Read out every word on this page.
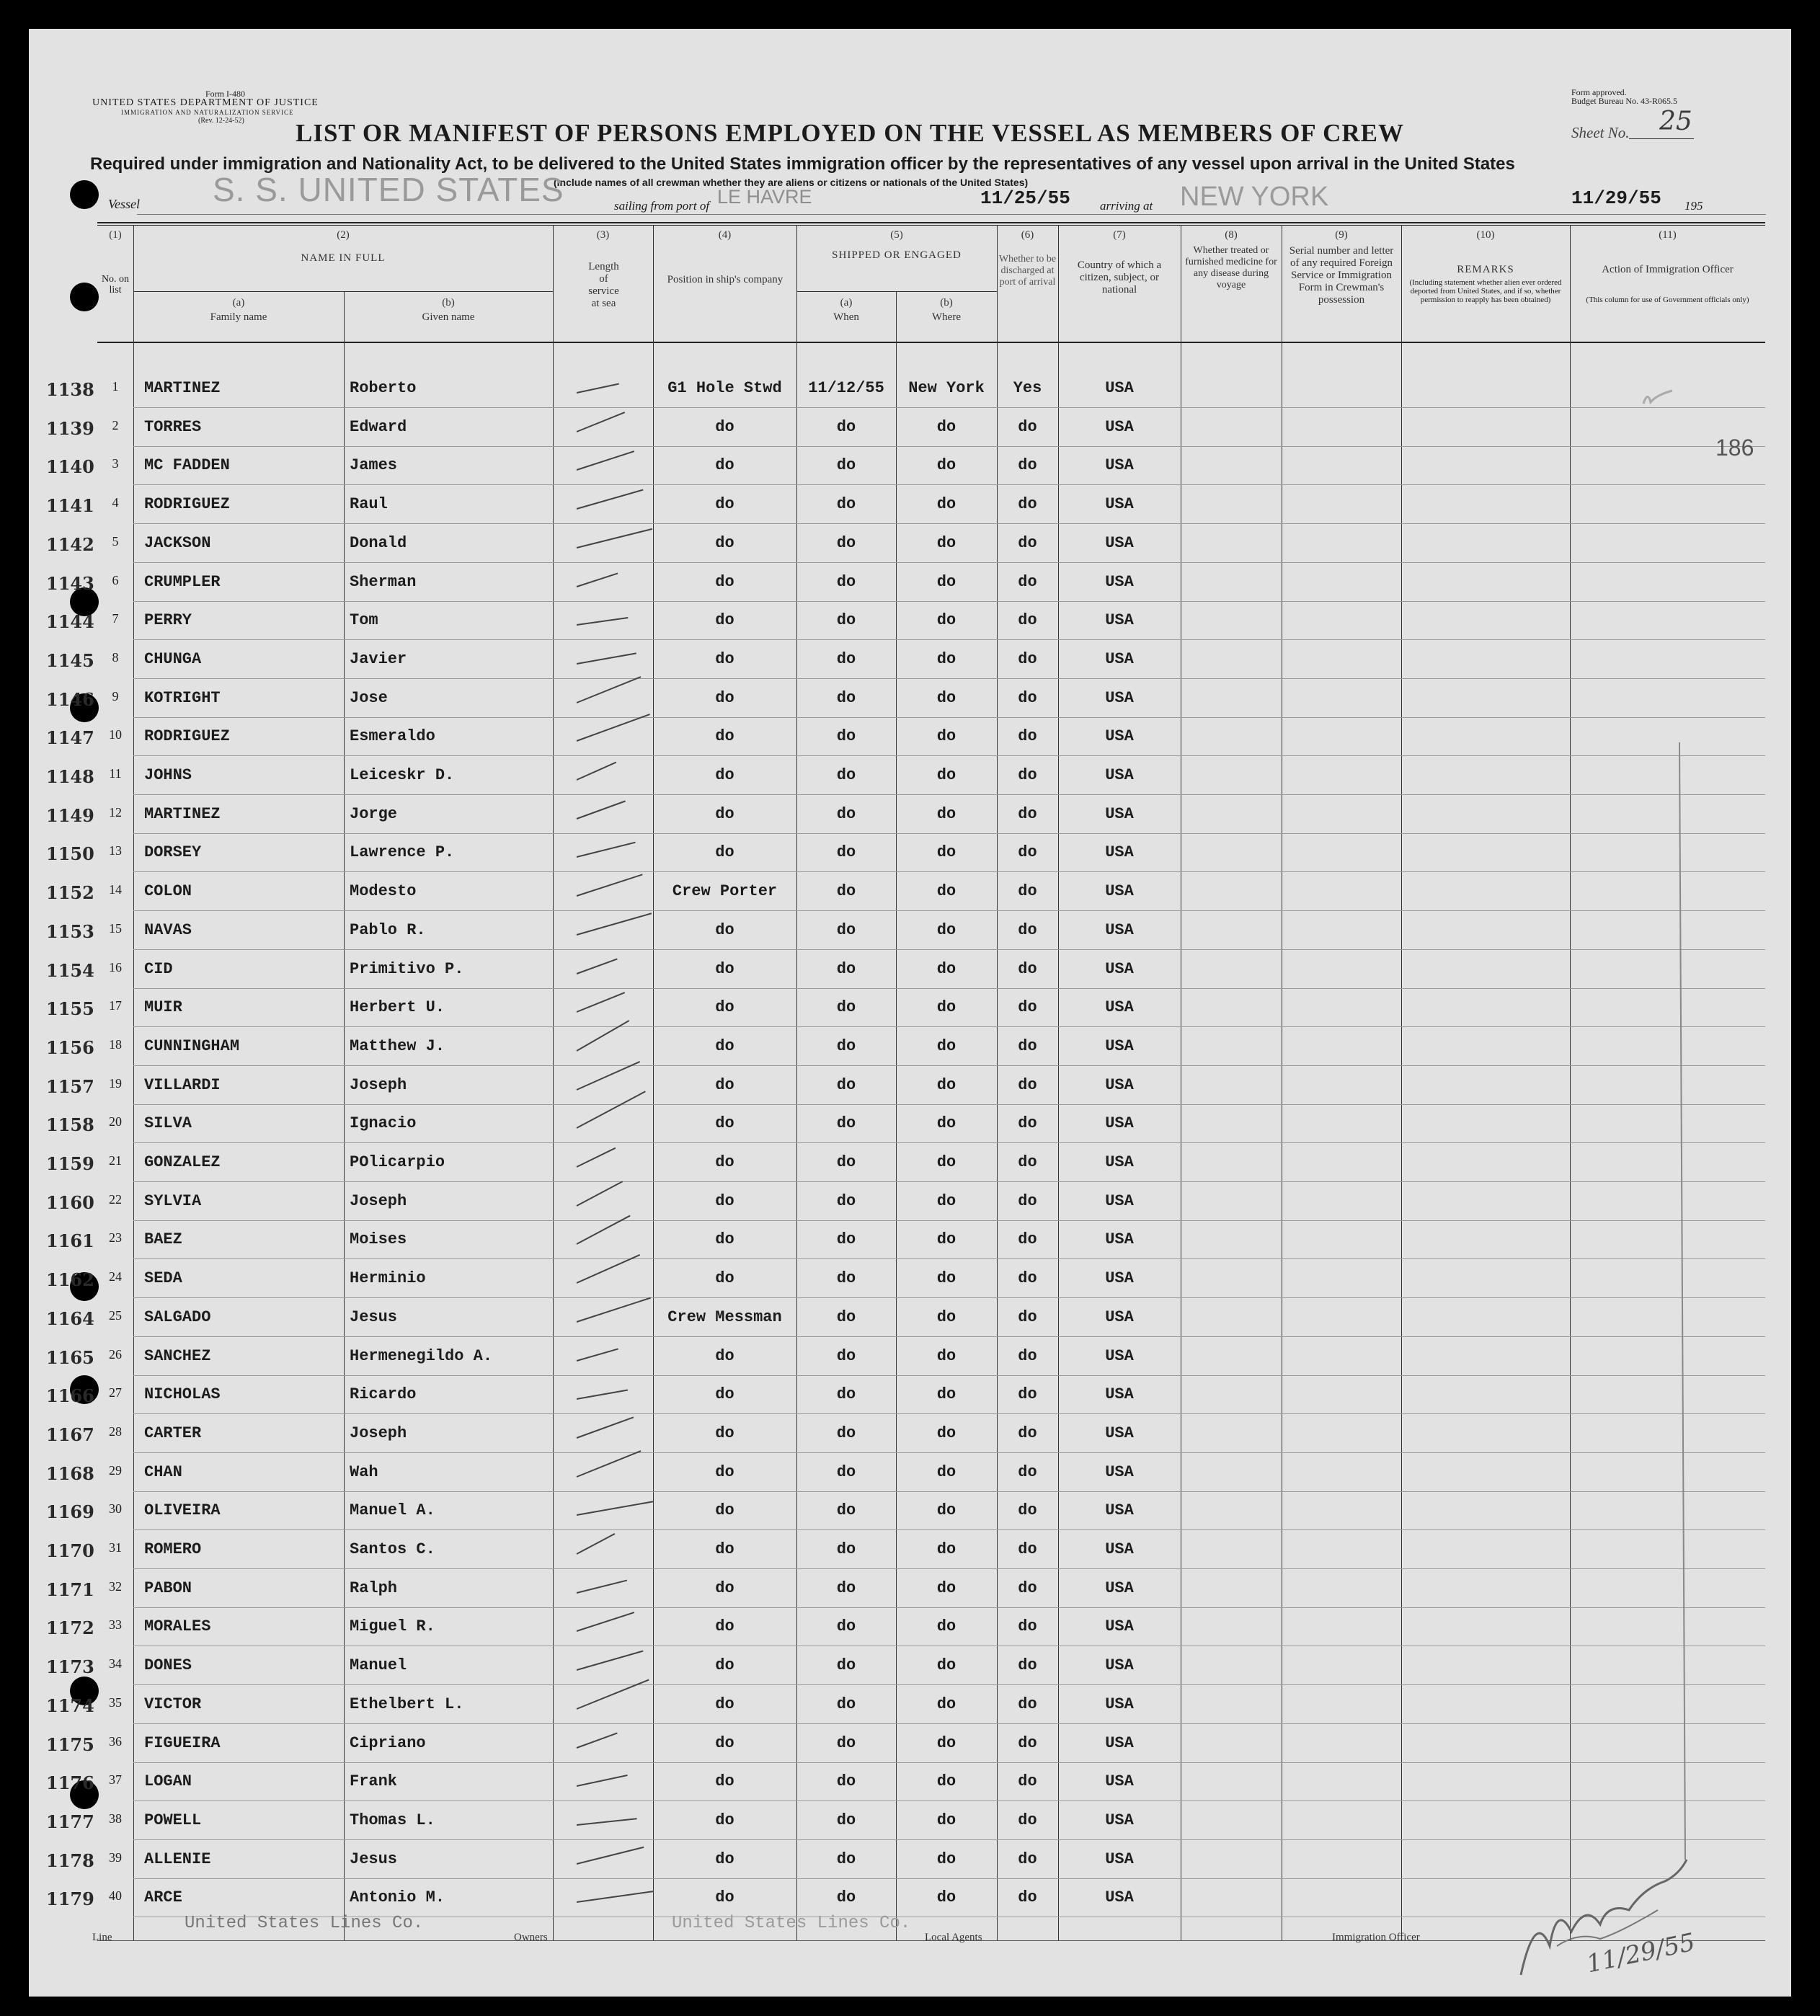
Form I-480
UNITED STATES DEPARTMENT OF JUSTICE
IMMIGRATION AND NATURALIZATION SERVICE
(Rev. 12-24-52)
Form approved.
Budget Bureau No. 43-R065.5
LIST OR MANIFEST OF PERSONS EMPLOYED ON THE VESSEL AS MEMBERS OF CREW	Sheet No. 25
Required under immigration and Nationality Act, to be delivered to the United States immigration officer by the representatives of any vessel upon arrival in the United States
(Include names of all crewman whether they are aliens or citizens or nationals of the United States)
Vessel S. S. UNITED STATES	sailing from port of LE HAVRE	11/25/55 arriving at NEW YORK	11/29/55 195
(1)
No. on list
(2)
NAME IN FULL
(a)
Family name
(b)
Given name
(3)
Length of service at sea
(4)
Position in ship's company
(5)
SHIPPED OR ENGAGED
(a)
When
(b)
Where
(6)
Whether to be discharged at port of arrival
(7)
Country of which a citizen, subject, or national
(8)
Whether treated or furnished medicine for any disease during voyage
(9)
Serial number and letter of any required Foreign Service or Immigration Form in Crewman's possession
(10)
REMARKS
(Including statement whether alien ever ordered deported from United States, and if so, whether permission to reapply has been obtained)
(11)
Action of Immigration Officer
(This column for use of Government officials only)
1138	1	MARTINEZ	Roberto	G1 Hole Stwd	11/12/55	New York	Yes	USA
1139	2	TORRES	Edward	do	do	do	do	USA
1140	3	MC FADDEN	James	do	do	do	do	USA
1141	4	RODRIGUEZ	Raul	do	do	do	do	USA
1142	5	JACKSON	Donald	do	do	do	do	USA
1143	6	CRUMPLER	Sherman	do	do	do	do	USA
1144	7	PERRY	Tom	do	do	do	do	USA
1145	8	CHUNGA	Javier	do	do	do	do	USA
1146	9	KOTRIGHT	Jose	do	do	do	do	USA
1147	10	RODRIGUEZ	Esmeraldo	do	do	do	do	USA
1148	11	JOHNS	Leiceskr D.	do	do	do	do	USA
1149	12	MARTINEZ	Jorge	do	do	do	do	USA
1150	13	DORSEY	Lawrence P.	do	do	do	do	USA
1152	14	COLON	Modesto	Crew Porter	do	do	do	USA
1153	15	NAVAS	Pablo R.	do	do	do	do	USA
1154	16	CID	Primitivo P.	do	do	do	do	USA
1155	17	MUIR	Herbert U.	do	do	do	do	USA
1156	18	CUNNINGHAM	Matthew J.	do	do	do	do	USA
1157	19	VILLARDI	Joseph	do	do	do	do	USA
1158	20	SILVA	Ignacio	do	do	do	do	USA
1159	21	GONZALEZ	POlicarpio	do	do	do	do	USA
1160	22	SYLVIA	Joseph	do	do	do	do	USA
1161	23	BAEZ	Moises	do	do	do	do	USA
1162	24	SEDA	Herminio	do	do	do	do	USA
1164	25	SALGADO	Jesus	Crew Messman	do	do	do	USA
1165	26	SANCHEZ	Hermenegildo A.	do	do	do	do	USA
1166	27	NICHOLAS	Ricardo	do	do	do	do	USA
1167	28	CARTER	Joseph	do	do	do	do	USA
1168	29	CHAN	Wah	do	do	do	do	USA
1169	30	OLIVEIRA	Manuel A.	do	do	do	do	USA
1170	31	ROMERO	Santos C.	do	do	do	do	USA
1171	32	PABON	Ralph	do	do	do	do	USA
1172	33	MORALES	Miguel R.	do	do	do	do	USA
1173	34	DONES	Manuel	do	do	do	do	USA
1174	35	VICTOR	Ethelbert L.	do	do	do	do	USA
1175	36	FIGUEIRA	Cipriano	do	do	do	do	USA
1176	37	LOGAN	Frank	do	do	do	do	USA
1177	38	POWELL	Thomas L.	do	do	do	do	USA
1178	39	ALLENIE	Jesus	do	do	do	do	USA
1179	40	ARCE	Antonio M.	do	do	do	do	USA
186
United States Lines Co.
Line
United States Lines Co.
Owners	Local Agents	Immigration Officer	11/29/55
